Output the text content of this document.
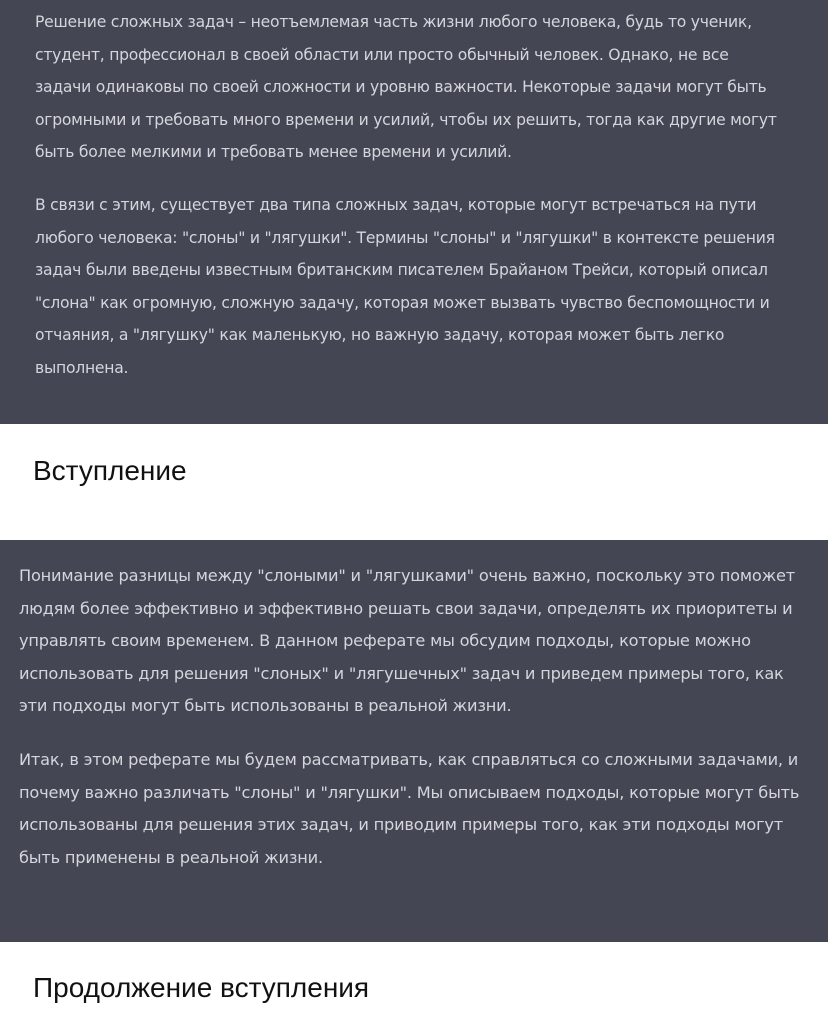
Решение сложных задач – неотъемлемая часть жизни любого человека, будь то ученик, студент, профессионал в своей области или просто обычный человек. Однако, не все задачи одинаковы по своей сложности и уровню важности. Некоторые задачи могут быть огромными и требовать много времени и усилий, чтобы их решить, тогда как другие могут быть более мелкими и требовать менее времени и усилий.

В связи с этим, существует два типа сложных задач, которые могут встречаться на пути любого человека: "слоны" и "лягушки". Термины "слоны" и "лягушки" в контексте решения задач были введены известным британским писателем Брайаном Трейси, который описал "слона" как огромную, сложную задачу, которая может вызвать чувство беспомощности и отчаяния, а "лягушку" как маленькую, но важную задачу, которая может быть легко выполнена.

Вступление

Понимание разницы между "слоными" и "лягушками" очень важно, поскольку это поможет людям более эффективно и эффективно решать свои задачи, определять их приоритеты и управлять своим временем. В данном реферате мы обсудим подходы, которые можно использовать для решения "слоных" и "лягушечных" задач и приведем примеры того, как эти подходы могут быть использованы в реальной жизни.

Итак, в этом реферате мы будем рассматривать, как справляться со сложными задачами, и почему важно различать "слоны" и "лягушки". Мы описываем подходы, которые могут быть использованы для решения этих задач, и приводим примеры того, как эти подходы могут быть применены в реальной жизни.

Продолжение вступления
